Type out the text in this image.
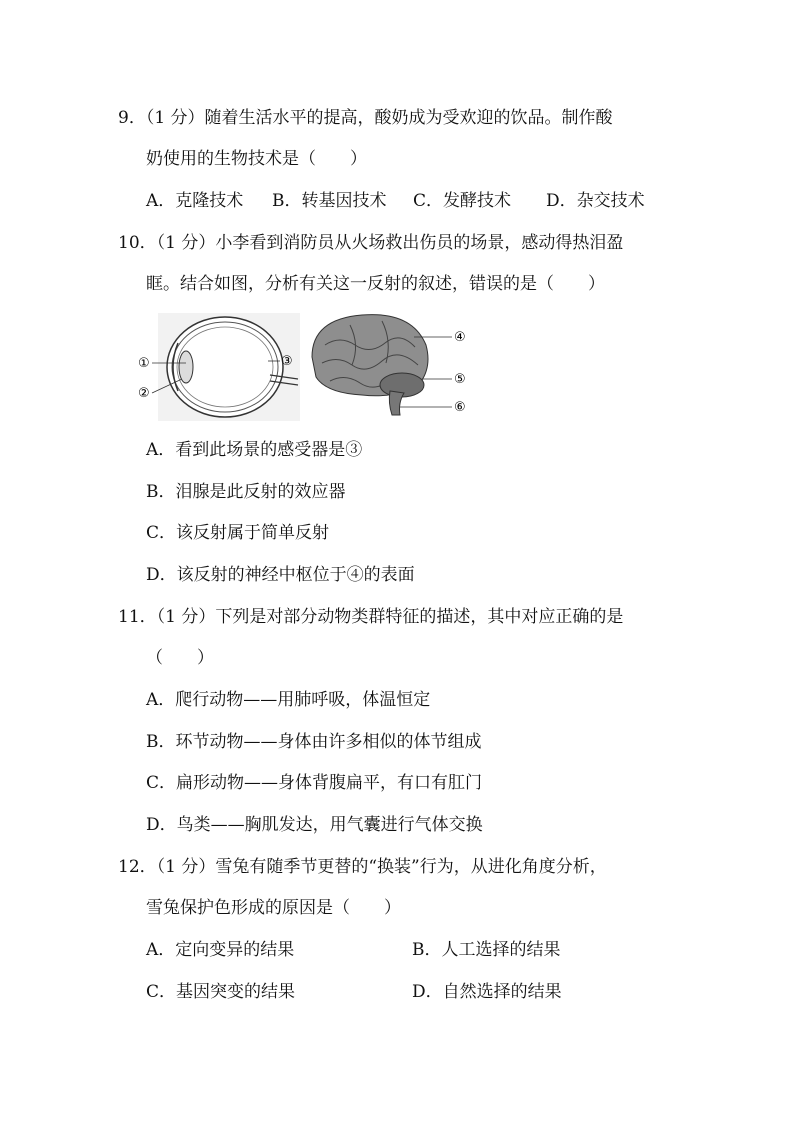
9．（1 分）随着生活水平的提高，酸奶成为受欢迎的饮品。制作酸
奶使用的生物技术是（　　）
A．克隆技术 B．转基因技术 C．发酵技术 D．杂交技术
10．（1 分）小李看到消防员从火场救出伤员的场景，感动得热泪盈
眶。结合如图，分析有关这一反射的叙述，错误的是（　　）
①
②
③
④
⑤
⑥
A．看到此场景的感受器是③
B．泪腺是此反射的效应器
C．该反射属于简单反射
D．该反射的神经中枢位于④的表面
11．（1 分）下列是对部分动物类群特征的描述，其中对应正确的是
（　　）
A．爬行动物——用肺呼吸，体温恒定
B．环节动物——身体由许多相似的体节组成
C．扁形动物——身体背腹扁平，有口有肛门
D．鸟类——胸肌发达，用气囊进行气体交换
12．（1 分）雪兔有随季节更替的“换装”行为，从进化角度分析，
雪兔保护色形成的原因是（　　）
A．定向变异的结果	B．人工选择的结果
C．基因突变的结果	D．自然选择的结果
